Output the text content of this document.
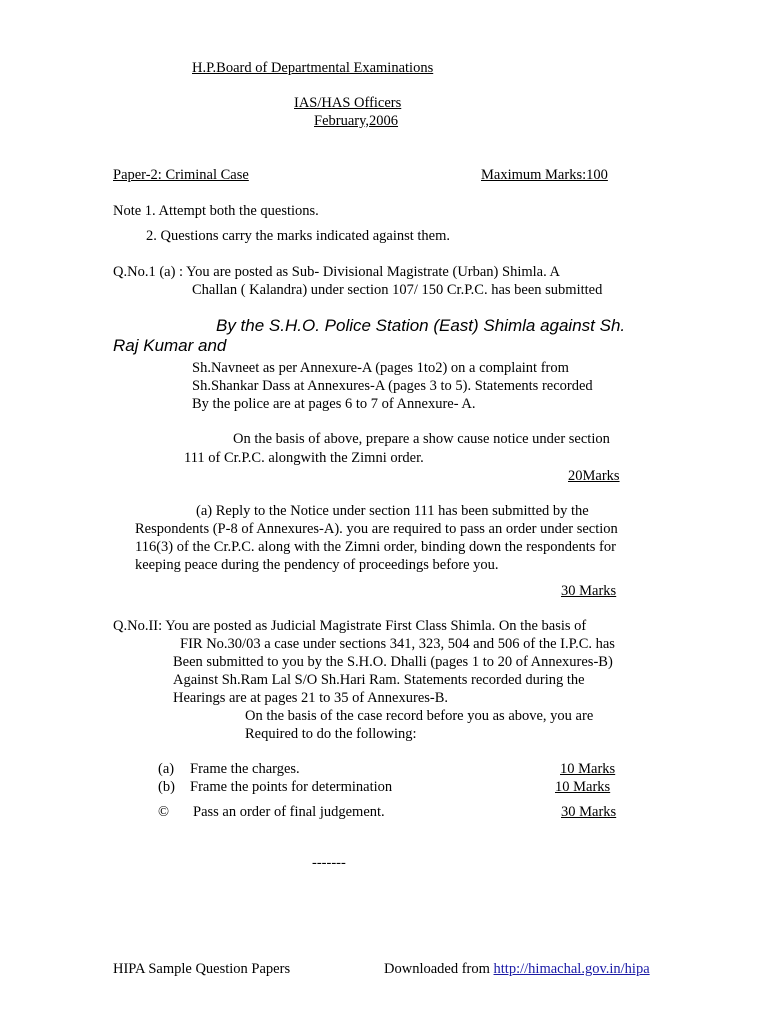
H.P.Board of Departmental Examinations
IAS/HAS Officers
February,2006
Paper-2: Criminal Case	Maximum Marks:100
Note 1. Attempt both the questions.
2. Questions carry the marks indicated against them.
Q.No.1 (a) : You are posted as Sub- Divisional Magistrate (Urban) Shimla. A
Challan ( Kalandra) under section 107/ 150 Cr.P.C. has been submitted
By the S.H.O. Police Station (East) Shimla against Sh.
Raj Kumar and
Sh.Navneet as per Annexure-A (pages 1to2) on a complaint from
Sh.Shankar Dass at Annexures-A (pages 3 to 5). Statements recorded
By the police are at pages 6 to 7 of Annexure- A.
On the basis of above, prepare a show cause notice under section
111 of Cr.P.C. alongwith the Zimni order.
20Marks
(a) Reply to the Notice under section 111 has been submitted by the
Respondents (P-8 of Annexures-A). you are required to pass an order under section
116(3) of the Cr.P.C. along with the Zimni order, binding down the respondents for
keeping peace during the pendency of proceedings before you.
30 Marks
Q.No.II: You are posted as Judicial Magistrate First Class Shimla. On the basis of
FIR No.30/03 a case under sections 341, 323, 504 and 506 of the I.P.C. has
Been submitted to you by the S.H.O. Dhalli (pages 1 to 20 of Annexures-B)
Against Sh.Ram Lal S/O Sh.Hari Ram. Statements recorded during the
Hearings are at pages 21 to 35 of Annexures-B.
On the basis of the case record before you as above, you are
Required to do the following:
(a) Frame the charges.	10 Marks
(b) Frame the points for determination	10 Marks
© Pass an order of final judgement.	30 Marks
-------
HIPA Sample Question Papers	Downloaded from http://himachal.gov.in/hipa
